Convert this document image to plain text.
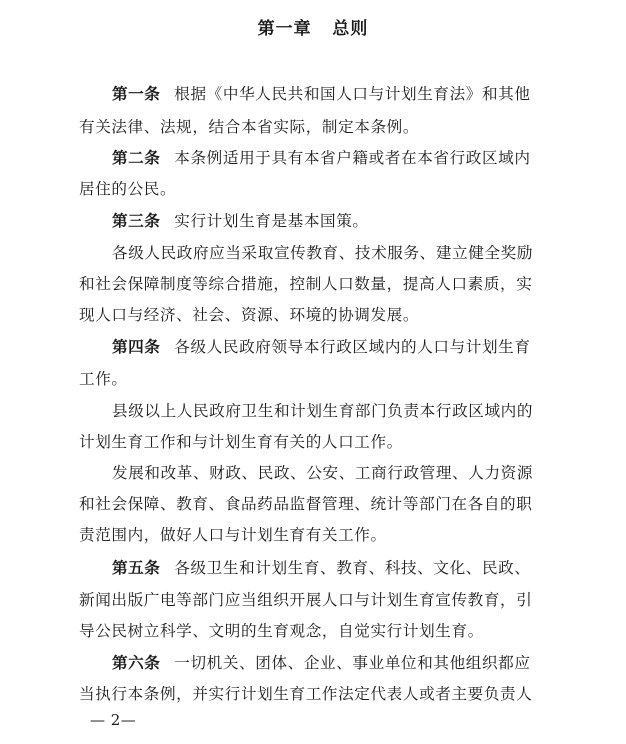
第一章   总则
第一条 根据《中华人民共和国人口与计划生育法》和其他
有关法律、法规，结合本省实际，制定本条例。
第二条 本条例适用于具有本省户籍或者在本省行政区域内
居住的公民。
第三条 实行计划生育是基本国策。
各级人民政府应当采取宣传教育、技术服务、建立健全奖励
和社会保障制度等综合措施，控制人口数量，提高人口素质，实
现人口与经济、社会、资源、环境的协调发展。
第四条 各级人民政府领导本行政区域内的人口与计划生育
工作。
县级以上人民政府卫生和计划生育部门负责本行政区域内的
计划生育工作和与计划生育有关的人口工作。
发展和改革、财政、民政、公安、工商行政管理、人力资源
和社会保障、教育、食品药品监督管理、统计等部门在各自的职
责范围内，做好人口与计划生育有关工作。
第五条 各级卫生和计划生育、教育、科技、文化、民政、
新闻出版广电等部门应当组织开展人口与计划生育宣传教育，引
导公民树立科学、文明的生育观念，自觉实行计划生育。
第六条 一切机关、团体、企业、事业单位和其他组织都应
当执行本条例，并实行计划生育工作法定代表人或者主要负责人
— 2—
